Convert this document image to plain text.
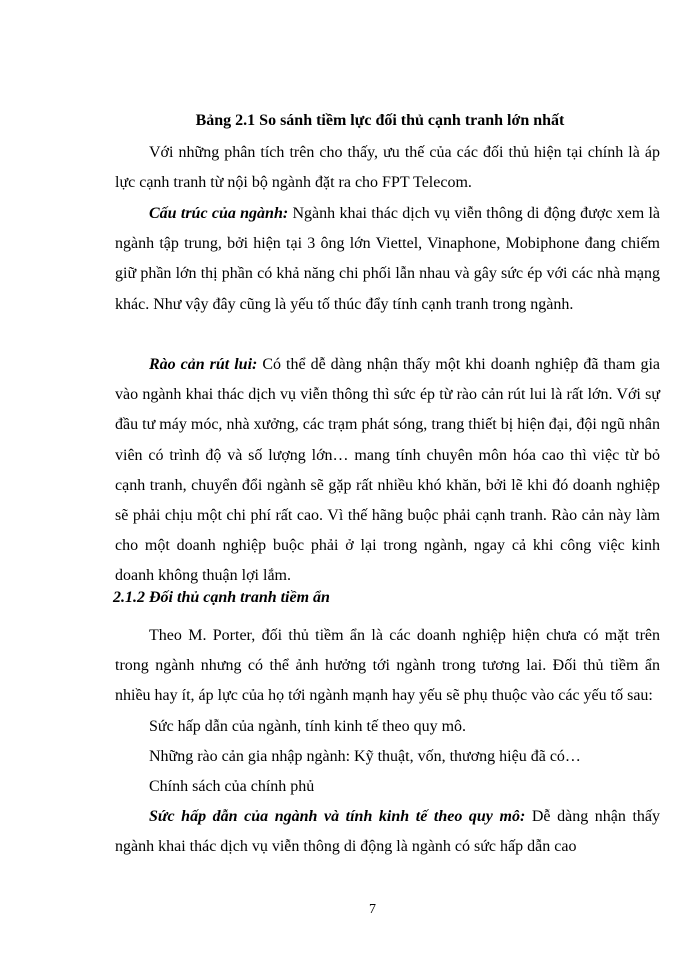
Bảng 2.1 So sánh tiềm lực đối thủ cạnh tranh lớn nhất

Với những phân tích trên cho thấy, ưu thế của các đối thủ hiện tại chính là áp lực cạnh tranh từ nội bộ ngành đặt ra cho FPT Telecom.

Cấu trúc của ngành: Ngành khai thác dịch vụ viễn thông di động được xem là ngành tập trung, bởi hiện tại 3 ông lớn Viettel, Vinaphone, Mobiphone đang chiếm giữ phần lớn thị phần có khả năng chi phối lẫn nhau và gây sức ép với các nhà mạng khác. Như vậy đây cũng là yếu tố thúc đẩy tính cạnh tranh trong ngành.

Rào cản rút lui: Có thể dễ dàng nhận thấy một khi doanh nghiệp đã tham gia vào ngành khai thác dịch vụ viễn thông thì sức ép từ rào cản rút lui là rất lớn. Với sự đầu tư máy móc, nhà xưởng, các trạm phát sóng, trang thiết bị hiện đại, đội ngũ nhân viên có trình độ và số lượng lớn… mang tính chuyên môn hóa cao thì việc từ bỏ cạnh tranh, chuyển đổi ngành sẽ gặp rất nhiều khó khăn, bởi lẽ khi đó doanh nghiệp sẽ phải chịu một chi phí rất cao. Vì thế hãng buộc phải cạnh tranh. Rào cản này làm cho một doanh nghiệp buộc phải ở lại trong ngành, ngay cả khi công việc kinh doanh không thuận lợi lắm.

2.1.2 Đối thủ cạnh tranh tiềm ẩn

Theo M. Porter, đối thủ tiềm ẩn là các doanh nghiệp hiện chưa có mặt trên trong ngành nhưng có thể ảnh hưởng tới ngành trong tương lai. Đối thủ tiềm ẩn nhiều hay ít, áp lực của họ tới ngành mạnh hay yếu sẽ phụ thuộc vào các yếu tố sau:

Sức hấp dẫn của ngành, tính kinh tế theo quy mô.
Những rào cản gia nhập ngành: Kỹ thuật, vốn, thương hiệu đã có…
Chính sách của chính phủ

Sức hấp dẫn của ngành và tính kinh tế theo quy mô: Dễ dàng nhận thấy ngành khai thác dịch vụ viễn thông di động là ngành có sức hấp dẫn cao

7
